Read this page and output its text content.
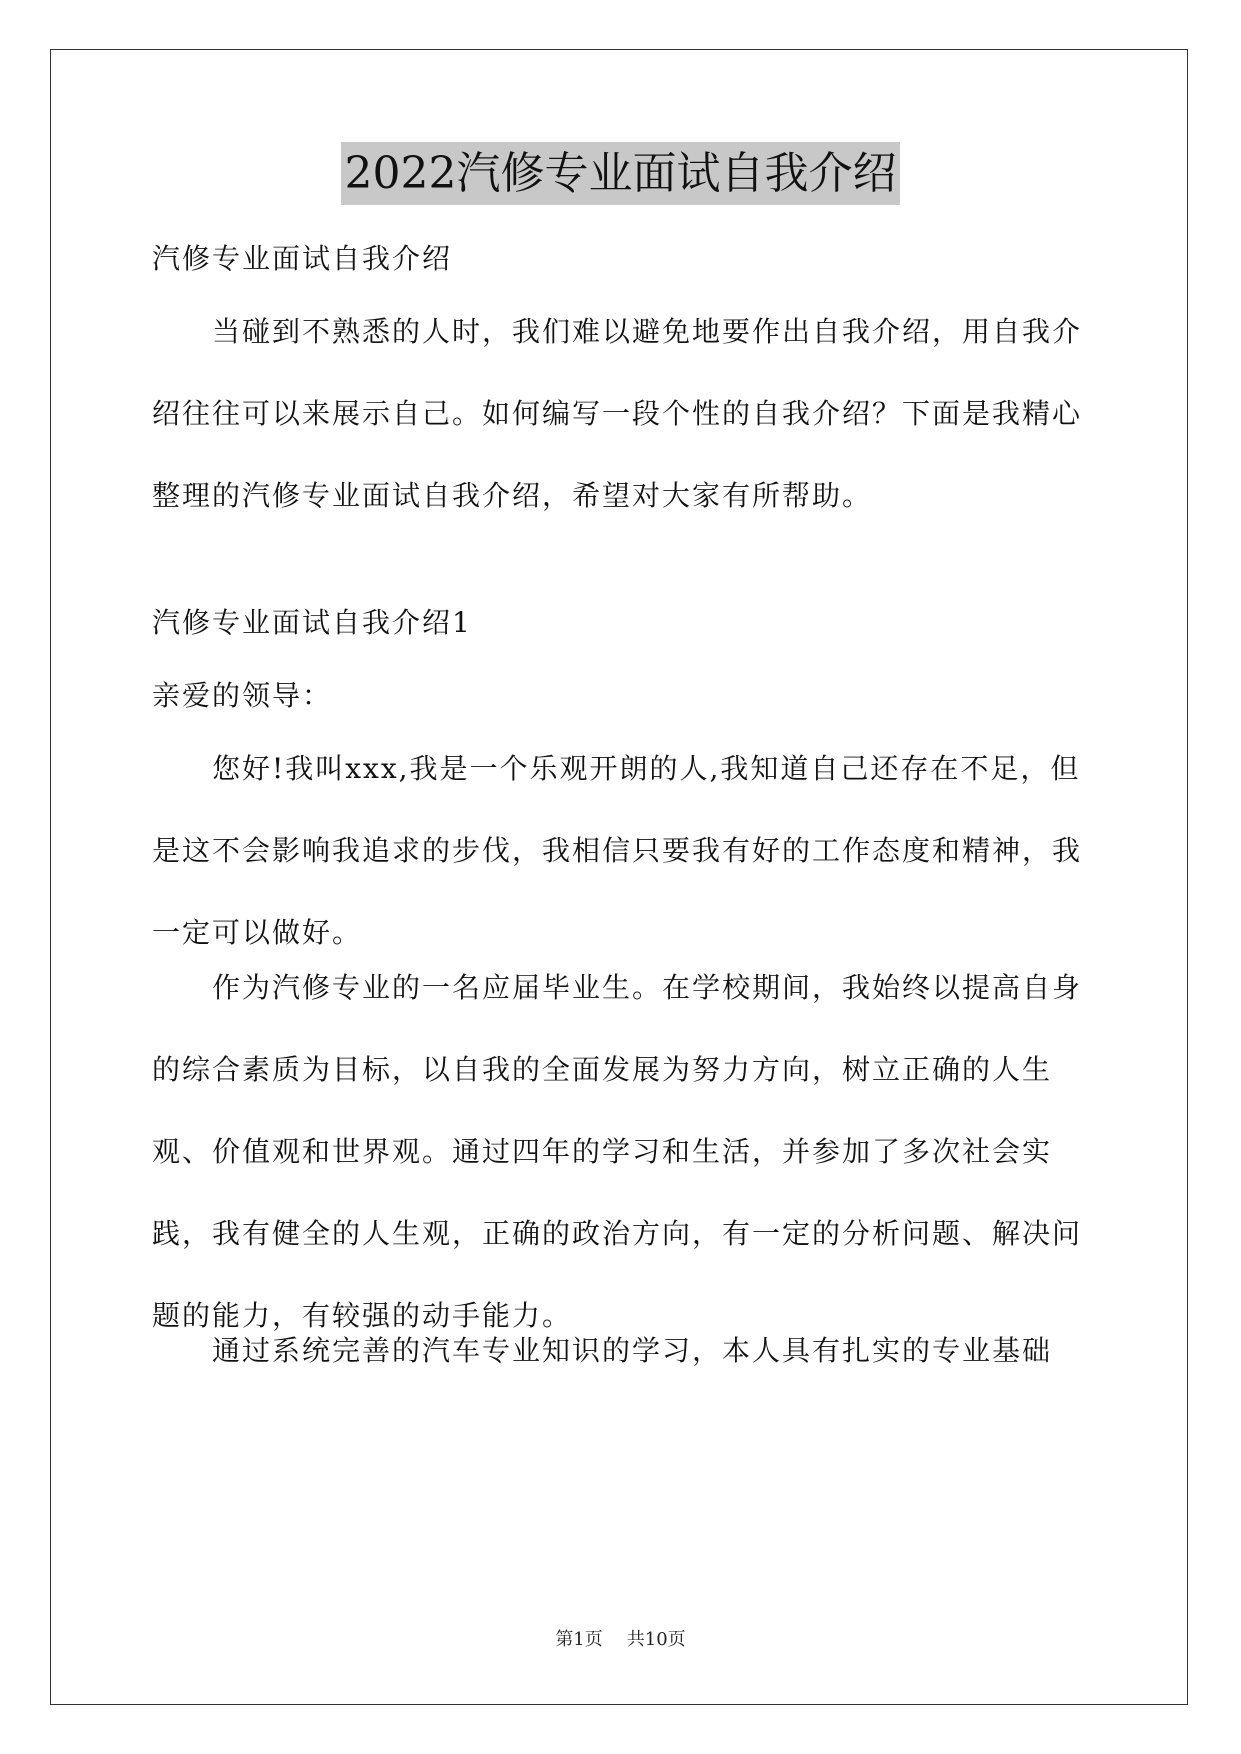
2022汽修专业面试自我介绍

汽修专业面试自我介绍

当碰到不熟悉的人时，我们难以避免地要作出自我介绍，用自我介绍往往可以来展示自己。如何编写一段个性的自我介绍？下面是我精心整理的汽修专业面试自我介绍，希望对大家有所帮助。

汽修专业面试自我介绍1

亲爱的领导：

您好!我叫xxx,我是一个乐观开朗的人,我知道自己还存在不足，但是这不会影响我追求的步伐，我相信只要我有好的工作态度和精神，我一定可以做好。

作为汽修专业的一名应届毕业生。在学校期间，我始终以提高自身的综合素质为目标，以自我的全面发展为努力方向，树立正确的人生观、价值观和世界观。通过四年的学习和生活，并参加了多次社会实践，我有健全的人生观，正确的政治方向，有一定的分析问题、解决问题的能力，有较强的动手能力。

通过系统完善的汽车专业知识的学习，本人具有扎实的专业基础

第1页 共10页
